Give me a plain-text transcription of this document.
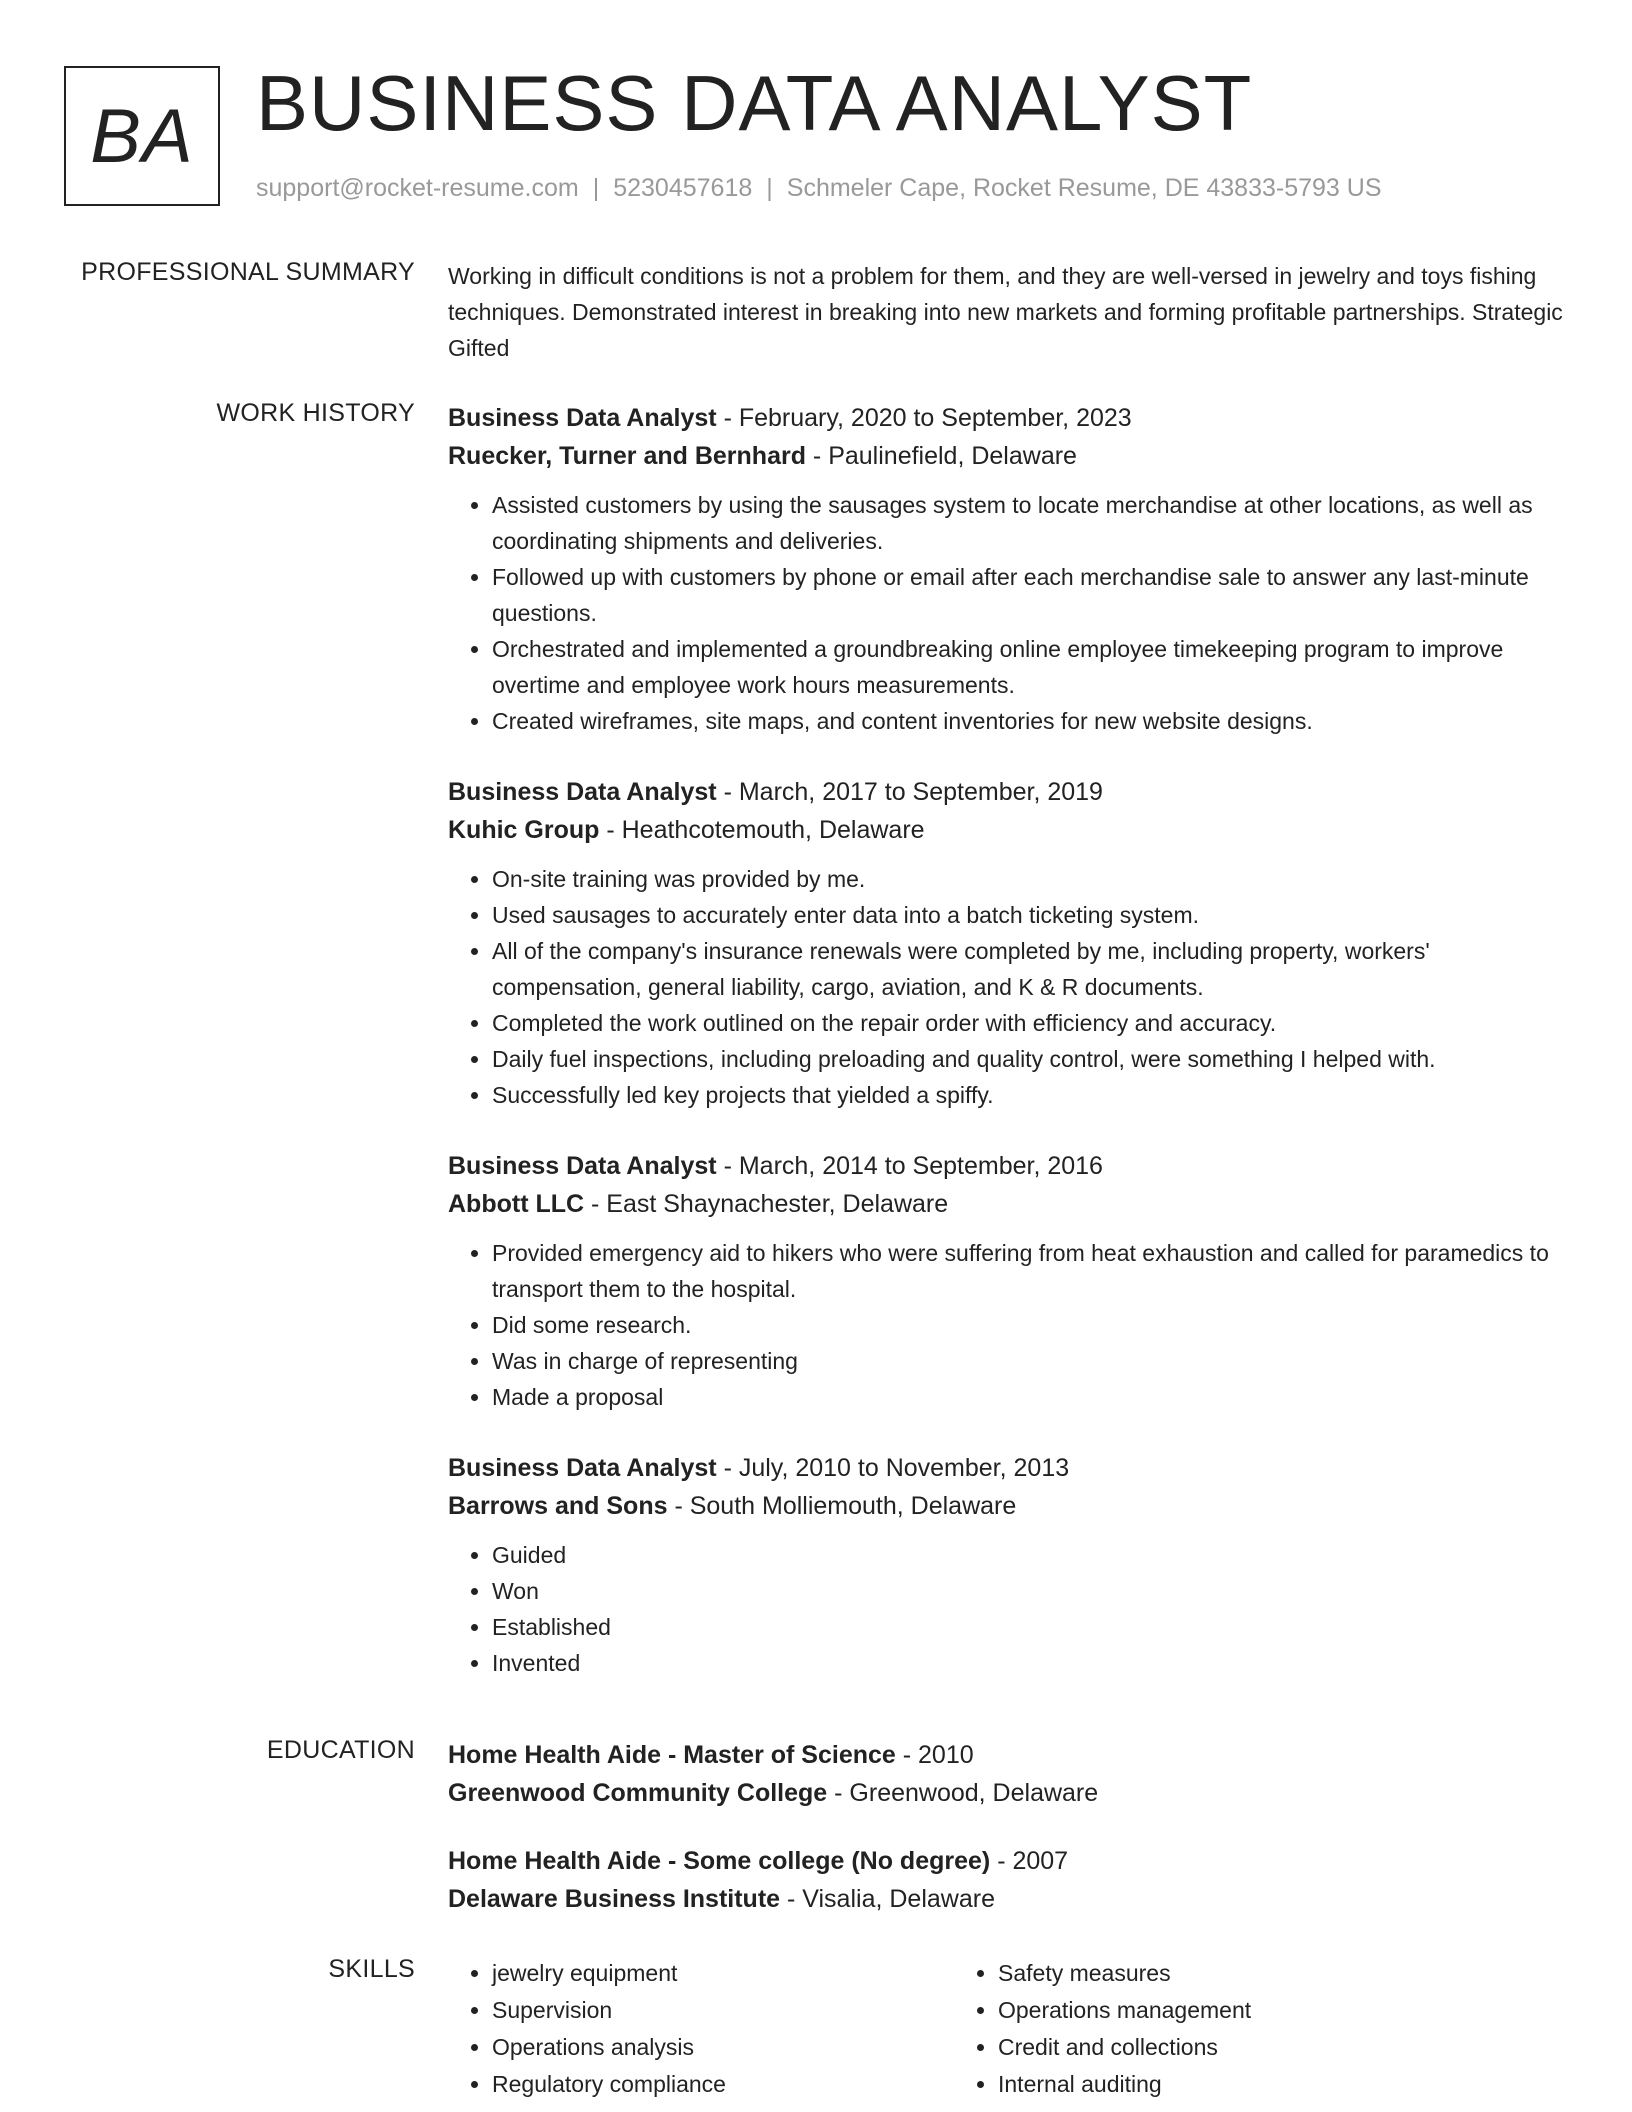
BA BUSINESS DATA ANALYST
support@rocket-resume.com | 5230457618 | Schmeler Cape, Rocket Resume, DE 43833-5793 US
PROFESSIONAL SUMMARY Working in difficult conditions is not a problem for them, and they are well-versed in jewelry and toys fishing techniques. Demonstrated interest in breaking into new markets and forming profitable partnerships. Strategic Gifted

WORK HISTORY Business Data Analyst - February, 2020 to September, 2023
Ruecker, Turner and Bernhard - Paulinefield, Delaware
• Assisted customers by using the sausages system to locate merchandise at other locations, as well as coordinating shipments and deliveries.
• Followed up with customers by phone or email after each merchandise sale to answer any last-minute questions.
• Orchestrated and implemented a groundbreaking online employee timekeeping program to improve overtime and employee work hours measurements.
• Created wireframes, site maps, and content inventories for new website designs.
Business Data Analyst - March, 2017 to September, 2019
Kuhic Group - Heathcotemouth, Delaware
• On-site training was provided by me.
• Used sausages to accurately enter data into a batch ticketing system.
• All of the company's insurance renewals were completed by me, including property, workers' compensation, general liability, cargo, aviation, and K & R documents.
• Completed the work outlined on the repair order with efficiency and accuracy.
• Daily fuel inspections, including preloading and quality control, were something I helped with.
• Successfully led key projects that yielded a spiffy.
Business Data Analyst - March, 2014 to September, 2016
Abbott LLC - East Shaynachester, Delaware
• Provided emergency aid to hikers who were suffering from heat exhaustion and called for paramedics to transport them to the hospital.
• Did some research.
• Was in charge of representing
• Made a proposal
Business Data Analyst - July, 2010 to November, 2013
Barrows and Sons - South Molliemouth, Delaware
• Guided
• Won
• Established
• Invented
EDUCATION Home Health Aide - Master of Science - 2010
Greenwood Community College - Greenwood, Delaware
Home Health Aide - Some college (No degree) - 2007
Delaware Business Institute - Visalia, Delaware
SKILLS
•	jewelry equipment
• Supervision
• Operations analysis
• Regulatory compliance
• Safety measures
• Operations management
• Credit and collections
• Internal auditing
